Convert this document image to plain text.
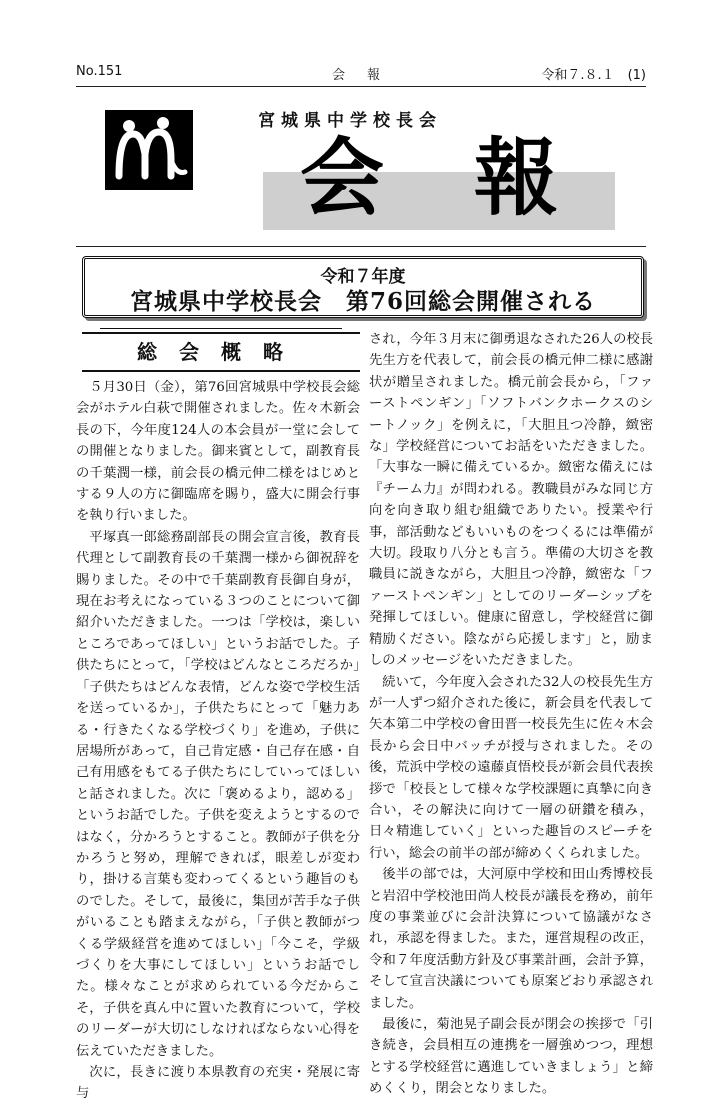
No.151	会報	令和７.８.１　(1)
宮城県中学校長会
会報
令和７年度
宮城県中学校長会　第76回総会開催される
総会概略

５月30日（金），第76回宮城県中学校長会総会がホテル白萩で開催されました。佐々木新会長の下，今年度124人の本会員が一堂に会しての開催となりました。御来賓として，副教育長の千葉潤一様，前会長の橋元伸二様をはじめとする９人の方に御臨席を賜り，盛大に開会行事を執り行いました。

平塚真一郎総務副部長の開会宣言後，教育長代理として副教育長の千葉潤一様から御祝辞を賜りました。その中で千葉副教育長御自身が，現在お考えになっている３つのことについて御紹介いただきました。一つは「学校は，楽しいところであってほしい」というお話でした。子供たちにとって，「学校はどんなところだろか」「子供たちはどんな表情，どんな姿で学校生活を送っているか」，子供たちにとって「魅力ある・行きたくなる学校づくり」を進め，子供に居場所があって，自己肯定感・自己存在感・自己有用感をもてる子供たちにしていってほしいと話されました。次に「褒めるより，認める」というお話でした。子供を変えようとするのではなく，分かろうとすること。教師が子供を分かろうと努め，理解できれば，眼差しが変わり，掛ける言葉も変わってくるという趣旨のものでした。そして，最後に，集団が苦手な子供がいることも踏まえながら，「子供と教師がつくる学級経営を進めてほしい」「今こそ，学級づくりを大事にしてほしい」というお話でした。様々なことが求められている今だからこそ，子供を真ん中に置いた教育について，学校のリーダーが大切にしなければならない心得を伝えていただきました。

次に，長きに渡り本県教育の充実・発展に寄与

され，今年３月末に御勇退なされた26人の校長先生方を代表して，前会長の橋元伸二様に感謝状が贈呈されました。橋元前会長から，「ファーストペンギン」「ソフトバンクホークスのシートノック」を例えに，「大胆且つ冷静，緻密な」学校経営についてお話をいただきました。「大事な一瞬に備えているか。緻密な備えには『チーム力』が問われる。教職員がみな同じ方向を向き取り組む組織でありたい。授業や行事，部活動などもいいものをつくるには準備が大切。段取り八分とも言う。準備の大切さを教職員に説きながら，大胆且つ冷静，緻密な「ファーストペンギン」としてのリーダーシップを発揮してほしい。健康に留意し，学校経営に御精励ください。陰ながら応援します」と，励ましのメッセージをいただきました。

続いて，今年度入会された32人の校長先生方が一人ずつ紹介された後に，新会員を代表して矢本第二中学校の會田晋一校長先生に佐々木会長から会日中バッチが授与されました。その後，荒浜中学校の遠藤貞悟校長が新会員代表挨拶で「校長として様々な学校課題に真摯に向き合い，その解決に向けて一層の研鑽を積み，日々精進していく」といった趣旨のスピーチを行い，総会の前半の部が締めくくられました。

後半の部では，大河原中学校和田山秀博校長と岩沼中学校池田尚人校長が議長を務め，前年度の事業並びに会計決算について協議がなされ，承認を得ました。また，運営規程の改正，令和７年度活動方針及び事業計画，会計予算，そして宣言決議についても原案どおり承認されました。

最後に，菊池晃子副会長が閉会の挨拶で「引き続き，会員相互の連携を一層強めつつ，理想とする学校経営に邁進していきましょう」と締めくくり，閉会となりました。
